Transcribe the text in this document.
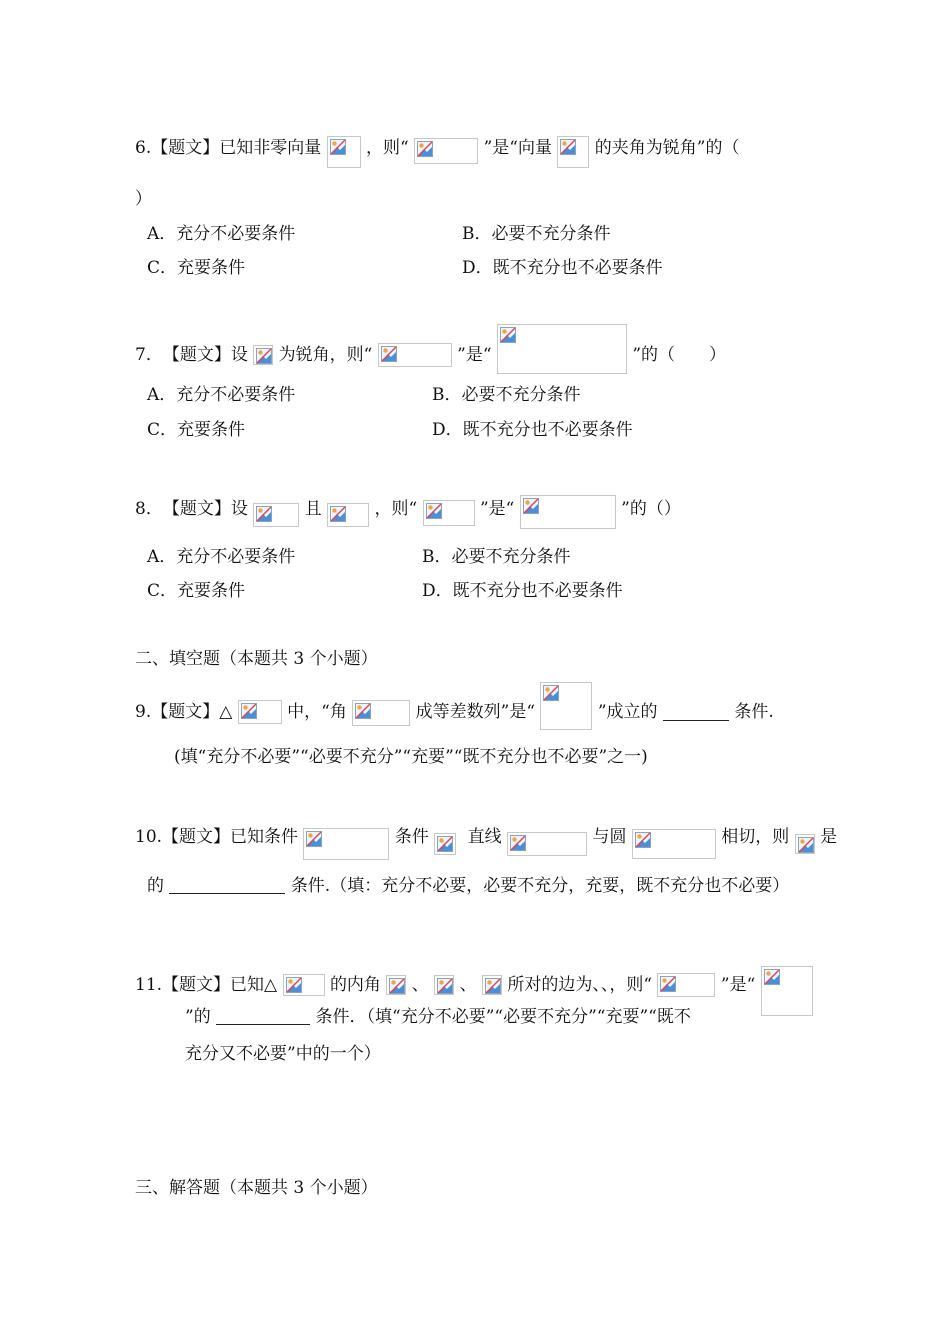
6.【题文】已知非零向量	，则“	”是“向量	的夹角为锐角”的（
）
A．充分不必要条件	B．必要不充分条件
C．充要条件	D．既不充分也不必要条件
7．【题文】设 为锐角，则“	”是“	”的（　　）
A．充分不必要条件	B．必要不充分条件
C．充要条件	D．既不充分也不必要条件
8．【题文】设	且	，则“	”是“	”的（）
A．充分不必要条件	B．必要不充分条件
C．充要条件	D．既不充分也不必要条件
二、填空题（本题共 3 个小题）
9.【题文】△	中，“角	成等差数列”是“	”成立的	条件.
(填“充分不必要”“必要不充分”“充要”“既不充分也不必要”之一)
10.【题文】已知条件	条件 直线	与圆	相切，则 是
的	条件.（填：充分不必要，必要不充分，充要，既不充分也不必要）
11.【题文】已知△	的内角 、 、 所对的边为、、，则“	”是“
”的	条件．（填“充分不必要”“必要不充分”“充要”“既不
充分又不必要”中的一个）
三、解答题（本题共 3 个小题）
